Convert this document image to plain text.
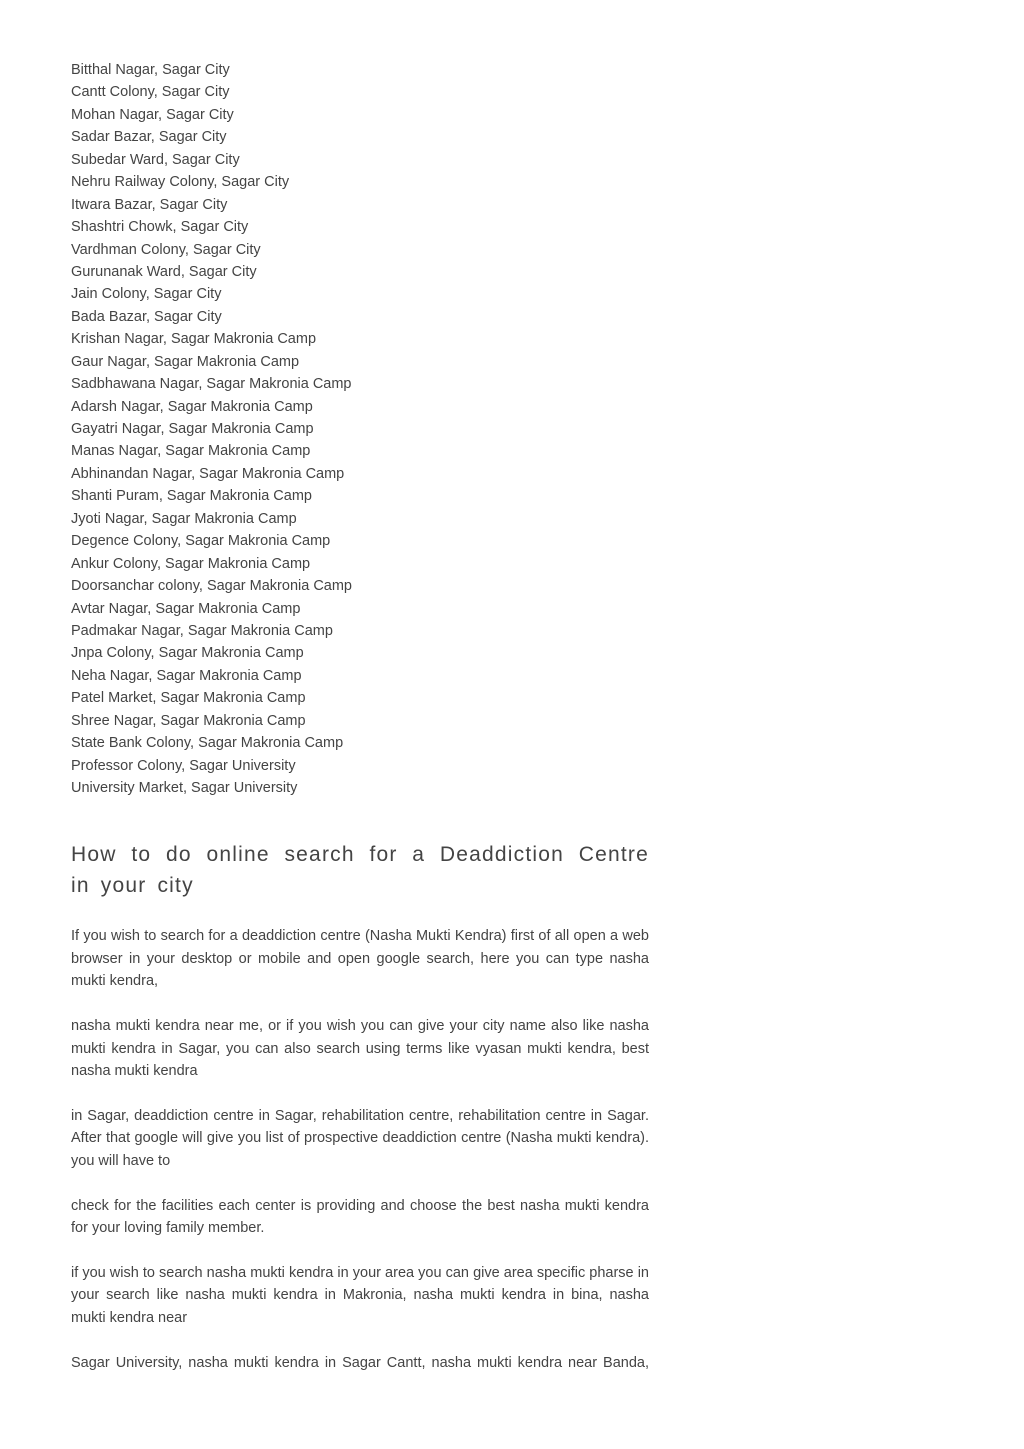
Bitthal Nagar, Sagar City
Cantt Colony, Sagar City
Mohan Nagar, Sagar City
Sadar Bazar, Sagar City
Subedar Ward, Sagar City
Nehru Railway Colony, Sagar City
Itwara Bazar, Sagar City
Shashtri Chowk, Sagar City
Vardhman Colony, Sagar City
Gurunanak Ward, Sagar City
Jain Colony, Sagar City
Bada Bazar, Sagar City
Krishan Nagar, Sagar Makronia Camp
Gaur Nagar, Sagar Makronia Camp
Sadbhawana Nagar, Sagar Makronia Camp
Adarsh Nagar, Sagar Makronia Camp
Gayatri Nagar, Sagar Makronia Camp
Manas Nagar, Sagar Makronia Camp
Abhinandan Nagar, Sagar Makronia Camp
Shanti Puram, Sagar Makronia Camp
Jyoti Nagar, Sagar Makronia Camp
Degence Colony, Sagar Makronia Camp
Ankur Colony, Sagar Makronia Camp
Doorsanchar colony, Sagar Makronia Camp
Avtar Nagar, Sagar Makronia Camp
Padmakar Nagar, Sagar Makronia Camp
Jnpa Colony, Sagar Makronia Camp
Neha Nagar, Sagar Makronia Camp
Patel Market, Sagar Makronia Camp
Shree Nagar, Sagar Makronia Camp
State Bank Colony, Sagar Makronia Camp
Professor Colony, Sagar University
University Market, Sagar University
How to do online search for a Deaddiction Centre in your city

If you wish to search for a deaddiction centre (Nasha Mukti Kendra) first of all open a web browser in your desktop or mobile and open google search, here you can type nasha mukti kendra,

nasha mukti kendra near me, or if you wish you can give your city name also like nasha mukti kendra in Sagar, you can also search using terms like vyasan mukti kendra, best nasha mukti kendra

in Sagar, deaddiction centre in Sagar, rehabilitation centre, rehabilitation centre in Sagar. After that google will give you list of prospective deaddiction centre (Nasha mukti kendra). you will have to

check for the facilities each center is providing and choose the best nasha mukti kendra for your loving family member.

if you wish to search nasha mukti kendra in your area you can give area specific pharse in your search like nasha mukti kendra in Makronia, nasha mukti kendra in bina, nasha mukti kendra near

Sagar University, nasha mukti kendra in Sagar Cantt, nasha mukti kendra near Banda,
